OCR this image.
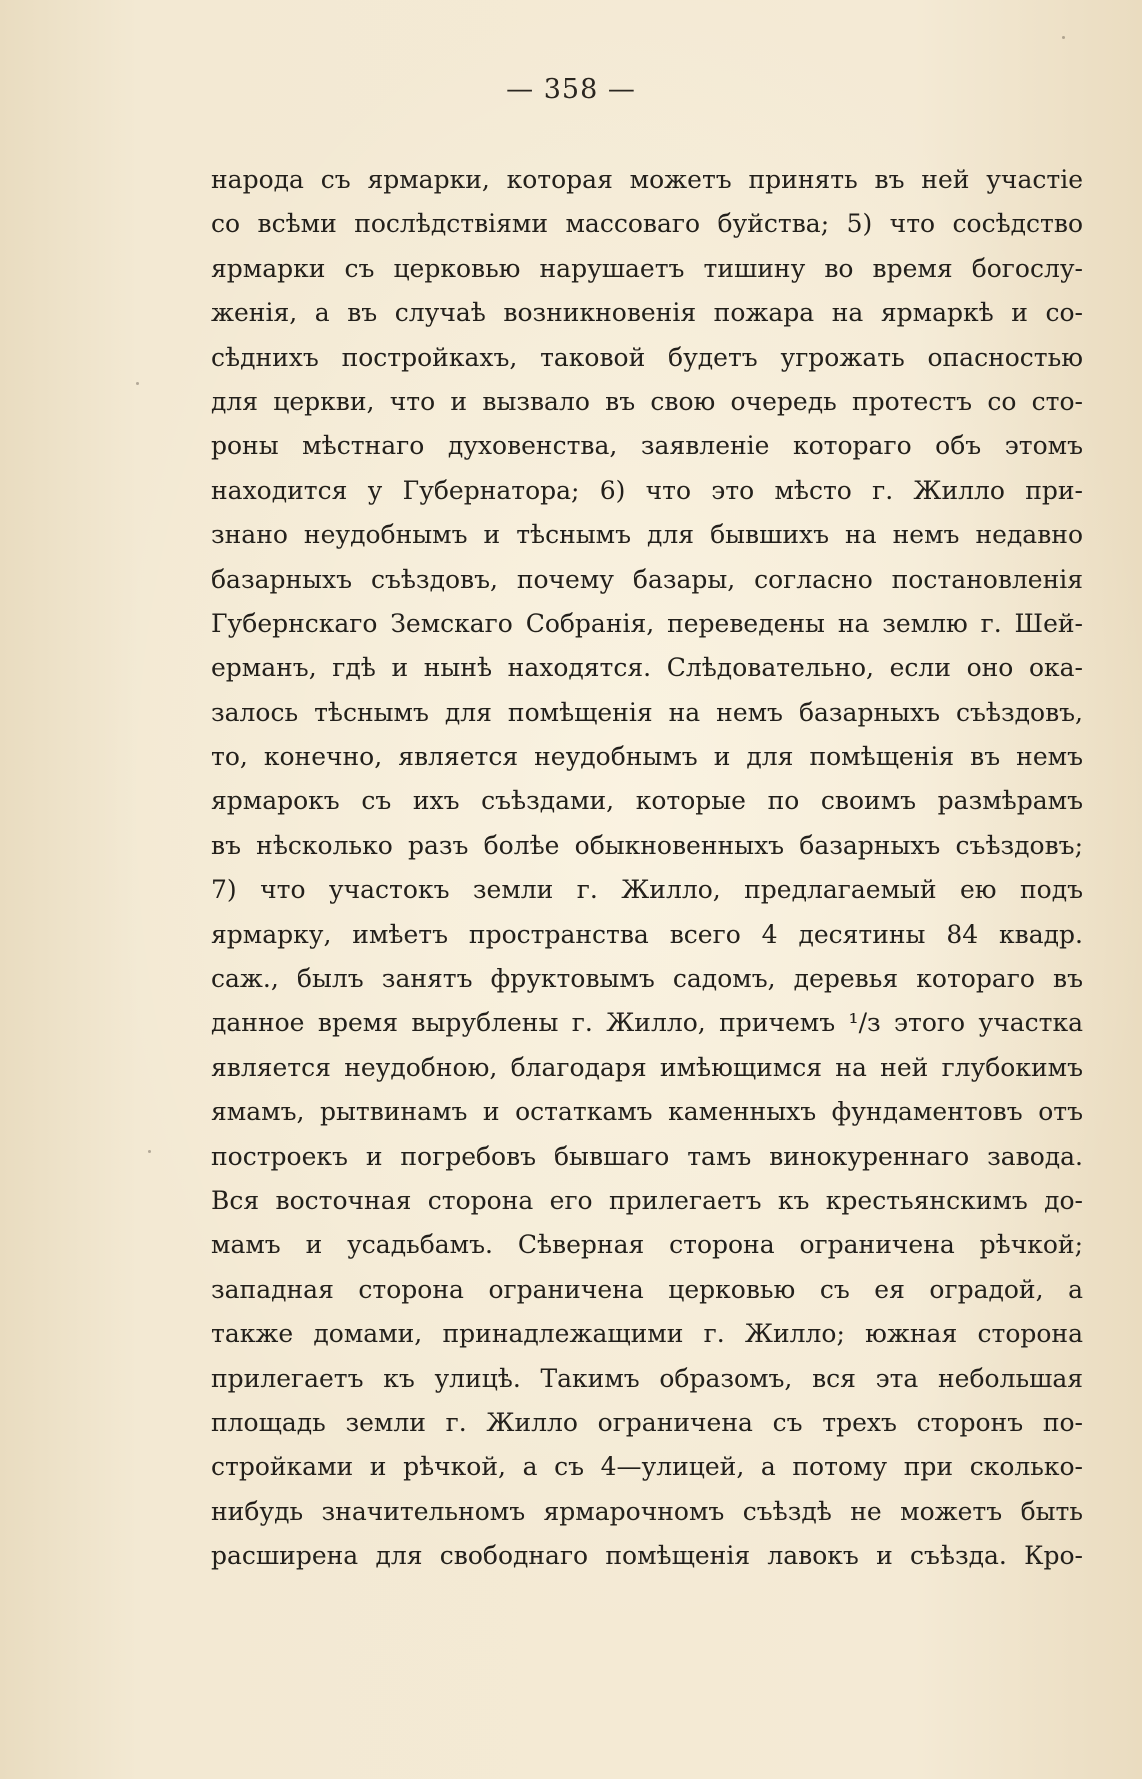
— 358 —
народа съ ярмарки, которая можетъ принять въ ней участіе
со всѣми послѣдствіями массоваго буйства; 5) что сосѣдство
ярмарки съ церковью нарушаетъ тишину во время богослу-
женія, а въ случаѣ возникновенія пожара на ярмаркѣ и со-
сѣднихъ постройкахъ, таковой будетъ угрожать опасностью
для церкви, что и вызвало въ свою очередь протестъ со сто-
роны мѣстнаго духовенства, заявленіе котораго объ этомъ
находится у Губернатора; 6) что это мѣсто г. Жилло при-
знано неудобнымъ и тѣснымъ для бывшихъ на немъ недавно
базарныхъ съѣздовъ, почему базары, согласно постановленія
Губернскаго Земскаго Собранія, переведены на землю г. Шей-
ерманъ, гдѣ и нынѣ находятся. Слѣдовательно, если оно ока-
залось тѣснымъ для помѣщенія на немъ базарныхъ съѣздовъ,
то, конечно, является неудобнымъ и для помѣщенія въ немъ
ярмарокъ съ ихъ съѣздами, которые по своимъ размѣрамъ
въ нѣсколько разъ болѣе обыкновенныхъ базарныхъ съѣздовъ;
7) что участокъ земли г. Жилло, предлагаемый ею подъ
ярмарку, имѣетъ пространства всего 4 десятины 84 квадр.
саж., былъ занятъ фруктовымъ садомъ, деревья котораго въ
данное время вырублены г. Жилло, причемъ ¹/з этого участка
является неудобною, благодаря имѣющимся на ней глубокимъ
ямамъ, рытвинамъ и остаткамъ каменныхъ фундаментовъ отъ
построекъ и погребовъ бывшаго тамъ винокуреннаго завода.
Вся восточная сторона его прилегаетъ къ крестьянскимъ до-
мамъ и усадьбамъ. Сѣверная сторона ограничена рѣчкой;
западная сторона ограничена церковью съ ея оградой, а
также домами, принадлежащими г. Жилло; южная сторона
прилегаетъ къ улицѣ. Такимъ образомъ, вся эта небольшая
площадь земли г. Жилло ограничена съ трехъ сторонъ по-
стройками и рѣчкой, а съ 4—улицей, а потому при сколько-
нибудь значительномъ ярмарочномъ съѣздѣ не можетъ быть
расширена для свободнаго помѣщенія лавокъ и съѣзда. Кро-
